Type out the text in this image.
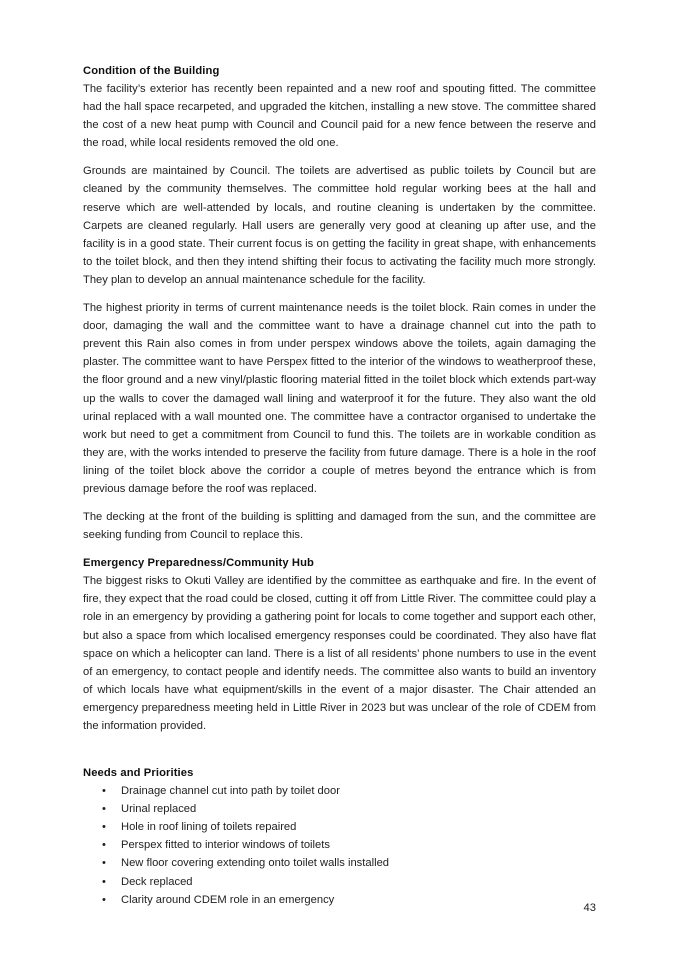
Condition of the Building

The facility’s exterior has recently been repainted and a new roof and spouting fitted. The committee had the hall space recarpeted, and upgraded the kitchen, installing a new stove. The committee shared the cost of a new heat pump with Council and Council paid for a new fence between the reserve and the road, while local residents removed the old one.

Grounds are maintained by Council. The toilets are advertised as public toilets by Council but are cleaned by the community themselves. The committee hold regular working bees at the hall and reserve which are well-attended by locals, and routine cleaning is undertaken by the committee. Carpets are cleaned regularly. Hall users are generally very good at cleaning up after use, and the facility is in a good state. Their current focus is on getting the facility in great shape, with enhancements to the toilet block, and then they intend shifting their focus to activating the facility much more strongly. They plan to develop an annual maintenance schedule for the facility.

The highest priority in terms of current maintenance needs is the toilet block. Rain comes in under the door, damaging the wall and the committee want to have a drainage channel cut into the path to prevent this Rain also comes in from under perspex windows above the toilets, again damaging the plaster. The committee want to have Perspex fitted to the interior of the windows to weatherproof these, the floor ground and a new vinyl/plastic flooring material fitted in the toilet block which extends part-way up the walls to cover the damaged wall lining and waterproof it for the future. They also want the old urinal replaced with a wall mounted one. The committee have a contractor organised to undertake the work but need to get a commitment from Council to fund this. The toilets are in workable condition as they are, with the works intended to preserve the facility from future damage. There is a hole in the roof lining of the toilet block above the corridor a couple of metres beyond the entrance which is from previous damage before the roof was replaced.

The decking at the front of the building is splitting and damaged from the sun, and the committee are seeking funding from Council to replace this.

Emergency Preparedness/Community Hub

The biggest risks to Okuti Valley are identified by the committee as earthquake and fire. In the event of fire, they expect that the road could be closed, cutting it off from Little River. The committee could play a role in an emergency by providing a gathering point for locals to come together and support each other, but also a space from which localised emergency responses could be coordinated. They also have flat space on which a helicopter can land. There is a list of all residents’ phone numbers to use in the event of an emergency, to contact people and identify needs. The committee also wants to build an inventory of which locals have what equipment/skills in the event of a major disaster. The Chair attended an emergency preparedness meeting held in Little River in 2023 but was unclear of the role of CDEM from the information provided.

Needs and Priorities
• Drainage channel cut into path by toilet door
• Urinal replaced
• Hole in roof lining of toilets repaired
• Perspex fitted to interior windows of toilets
• New floor covering extending onto toilet walls installed
• Deck replaced
• Clarity around CDEM role in an emergency
43
